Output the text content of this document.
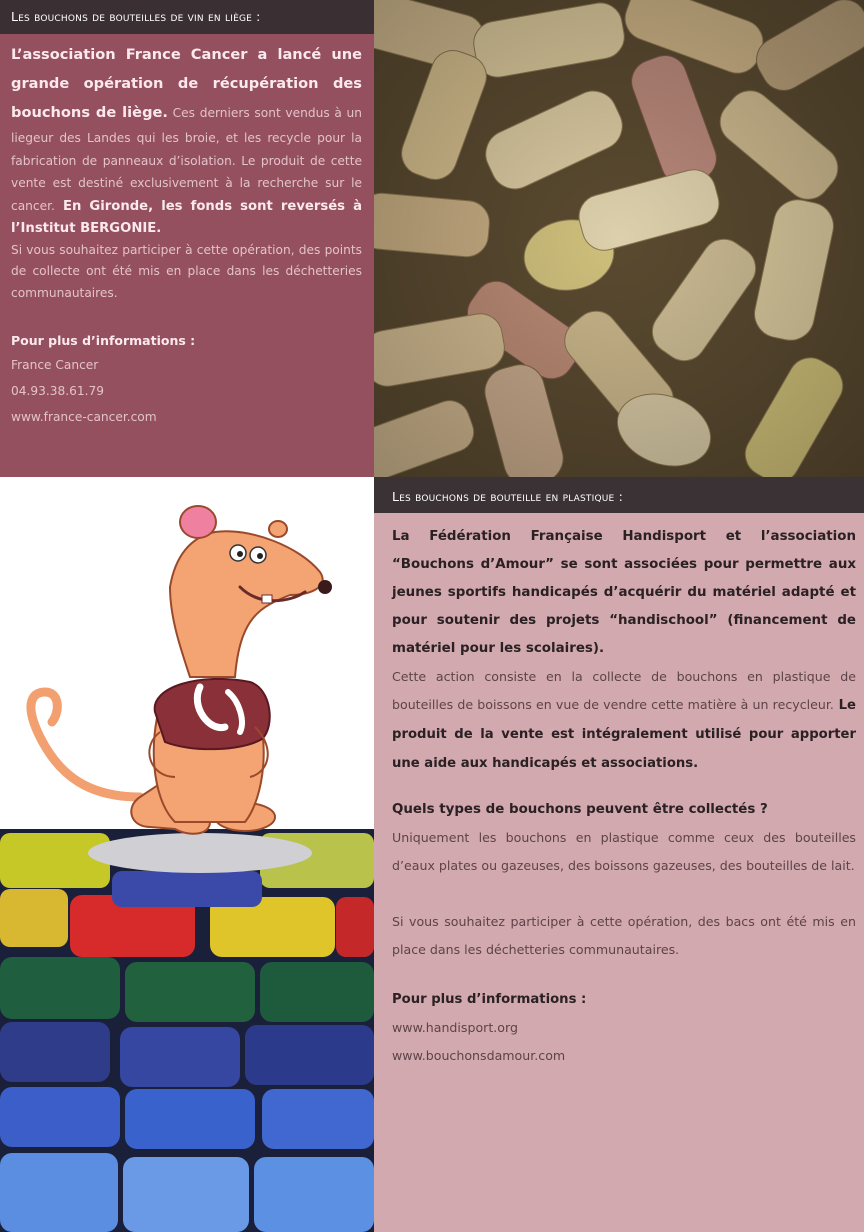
Les bouchons de bouteilles de vin en liège :
L’association France Cancer a lancé une grande opération de récupération des bouchons de liège. Ces derniers sont vendus à un liegeur des Landes qui les broie, et les recycle pour la fabrication de panneaux d’isolation. Le produit de cette vente est destiné exclusivement à la recherche sur le cancer. En Gironde, les fonds sont reversés à l’Institut BERGONIE.
Si vous souhaitez participer à cette opération, des points de collecte ont été mis en place dans les déchetteries communautaires.
Pour plus d’informations :
France Cancer
04.93.38.61.79
www.france-cancer.com
Les bouchons de bouteille en plastique :
La Fédération Française Handisport et l’association “Bouchons d’Amour” se sont associées pour permettre aux jeunes sportifs handicapés d’acquérir du matériel adapté et pour soutenir des projets “handischool” (financement de matériel pour les scolaires).
Cette action consiste en la collecte de bouchons en plastique de bouteilles de boissons en vue de vendre cette matière à un recycleur. Le produit de la vente est intégralement utilisé pour apporter une aide aux handicapés et associations.
Quels types de bouchons peuvent être collectés ?
Uniquement les bouchons en plastique comme ceux des bouteilles d’eaux plates ou gazeuses, des boissons gazeuses, des bouteilles de lait.
Si vous souhaitez participer à cette opération, des bacs ont été mis en place dans les déchetteries communautaires.
Pour plus d’informations :
www.handisport.org
www.bouchonsdamour.com
